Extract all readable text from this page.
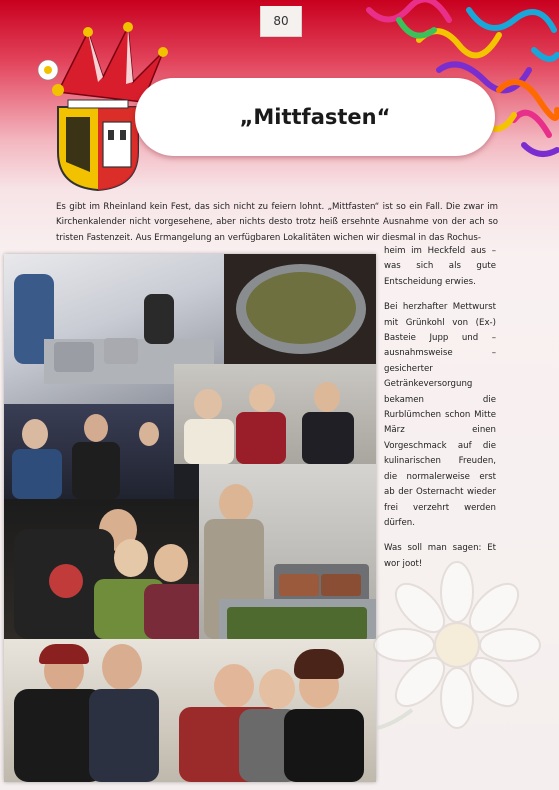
80
„Mittfasten“
Es gibt im Rheinland kein Fest, das sich nicht zu feiern lohnt. „Mittfasten“ ist so ein Fall. Die zwar im Kirchenkalender nicht vorgesehene, aber nichts desto trotz heiß ersehnte Ausnahme von der ach so tristen Fastenzeit. Aus Ermangelung an verfügbaren Lokalitäten wichen wir diesmal in das Rochus-

heim im Heckfeld aus – was sich als gute Entscheidung erwies.

Bei herzhafter Mettwurst mit Grünkohl von (Ex-) Basteie Jupp und – ausnahmsweise – gesicherter Getränkeversorgung bekamen die Rurblümchen schon Mitte März einen Vorgeschmack auf die kulinarischen Freuden, die normalerweise erst ab der Osternacht wieder frei verzehrt werden dürfen.

Was soll man sagen: Et wor joot!
